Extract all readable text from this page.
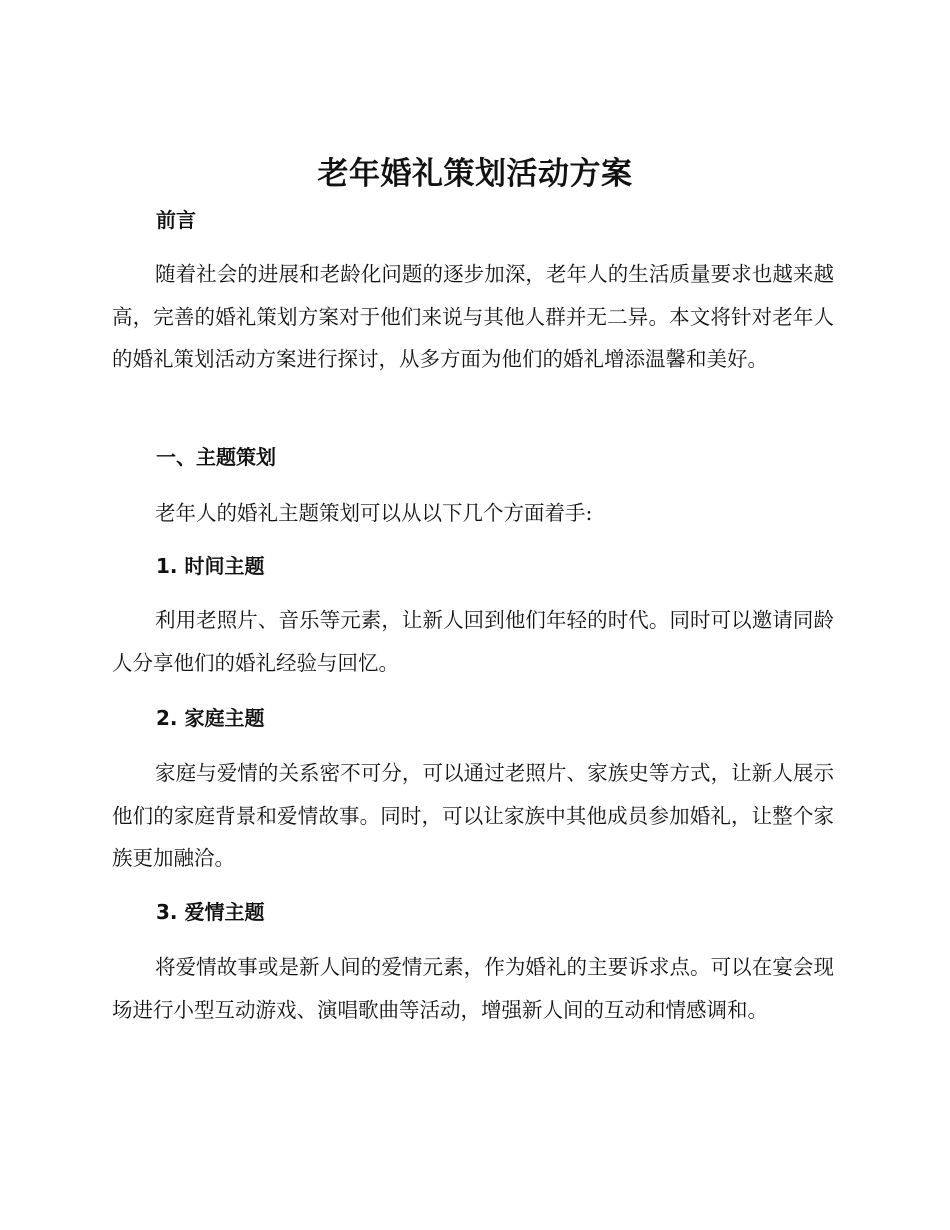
老年婚礼策划活动方案
前言

随着社会的进展和老龄化问题的逐步加深，老年人的生活质量要求也越来越高，完善的婚礼策划方案对于他们来说与其他人群并无二异。本文将针对老年人的婚礼策划活动方案进行探讨，从多方面为他们的婚礼增添温馨和美好。

一、主题策划

老年人的婚礼主题策划可以从以下几个方面着手:

1. 时间主题

利用老照片、音乐等元素，让新人回到他们年轻的时代。同时可以邀请同龄人分享他们的婚礼经验与回忆。

2. 家庭主题

家庭与爱情的关系密不可分，可以通过老照片、家族史等方式，让新人展示他们的家庭背景和爱情故事。同时，可以让家族中其他成员参加婚礼，让整个家族更加融洽。

3. 爱情主题

将爱情故事或是新人间的爱情元素，作为婚礼的主要诉求点。可以在宴会现场进行小型互动游戏、演唱歌曲等活动，增强新人间的互动和情感调和。
